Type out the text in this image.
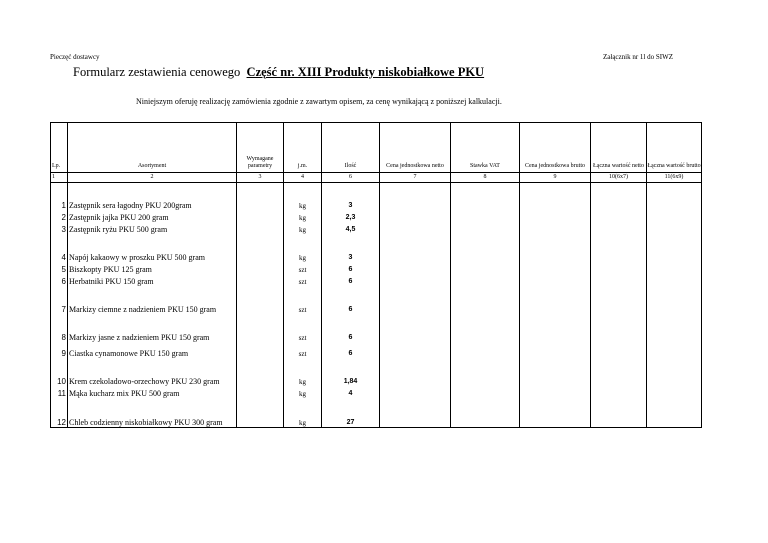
Pieczęć dostawcy	Załącznik nr 1l do SIWZ
Formularz zestawienia cenowego Część nr. XIII Produkty niskobiałkowe PKU
Niniejszym oferuję realizację zamówienia zgodnie z zawartym opisem, za cenę wynikającą z poniższej kalkulacji.
Lp.	Asortyment	Wymagane parametry	j.m.	Ilość	Cena jednostkowa netto	Stawka VAT	Cena jednostkowa brutto	Łączna wartość netto	Łączna wartość brutto
1	2	3	4	6	7	8	9	10(6x7)	11(6x9)
1	Zastępnik sera łagodny PKU 200gram		kg	3					
2	Zastępnik jajka PKU 200 gram		kg	2,3					
3	Zastępnik ryżu PKU 500 gram		kg	4,5					
4	Napój kakaowy w proszku PKU 500 gram		kg	3					
5	Biszkopty PKU 125 gram		szt	6					
6	Herbatniki PKU 150 gram		szt	6					
7	Markizy ciemne z nadzieniem PKU 150 gram		szt	6					
8	Markizy jasne z nadzieniem PKU 150 gram		szt	6					
9	Ciastka cynamonowe PKU 150 gram		szt	6					
10	Krem czekoladowo-orzechowy PKU 230 gram		kg	1,84					
11	Mąka kucharz mix PKU 500 gram		kg	4					
12	Chleb codzienny niskobiałkowy PKU 300 gram		kg	27					
